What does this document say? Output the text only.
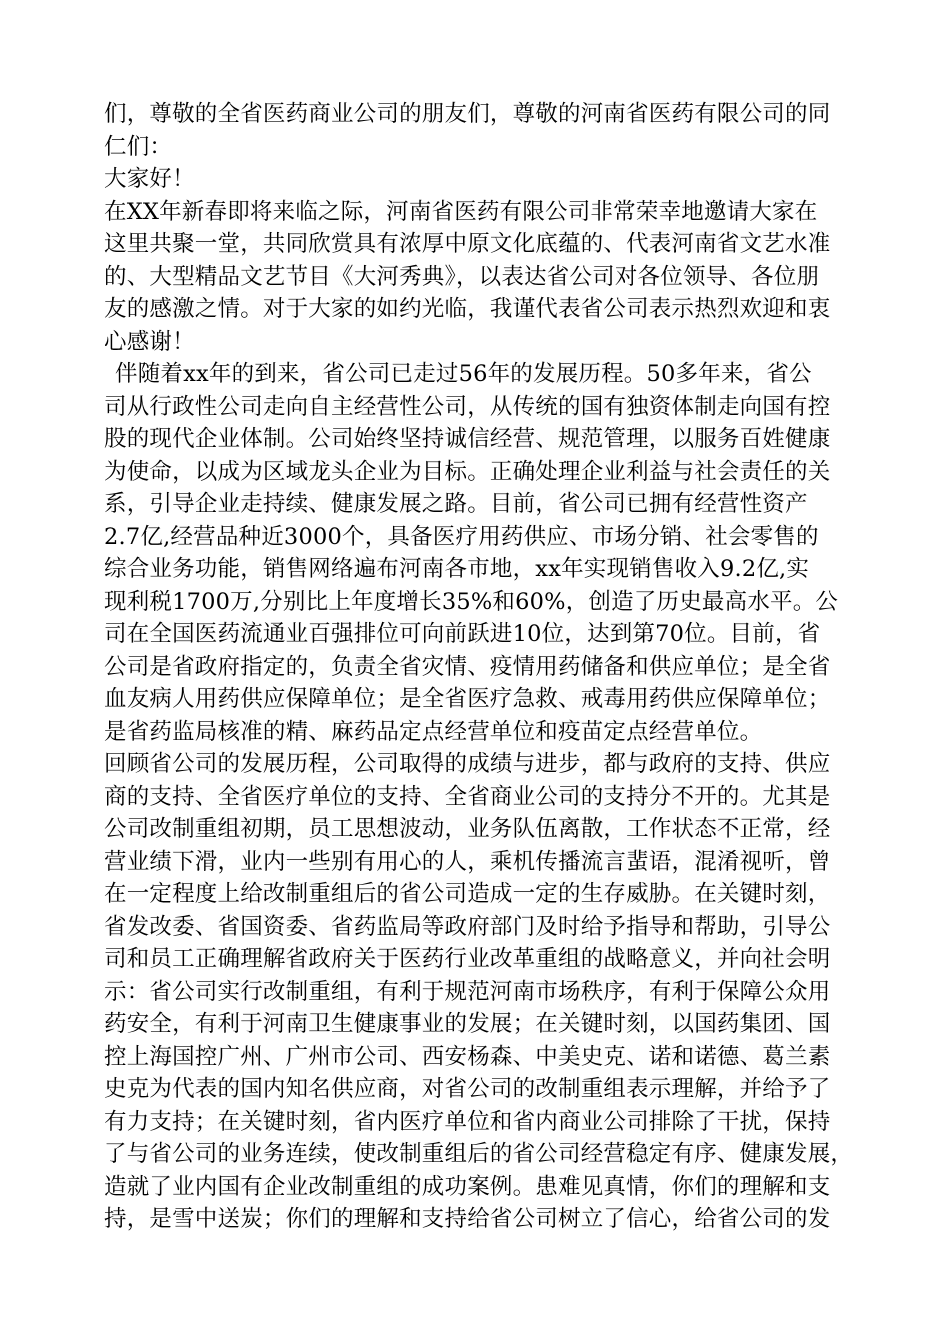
们，尊敬的全省医药商业公司的朋友们，尊敬的河南省医药有限公司的同
仁们：
大家好！
在XX年新春即将来临之际，河南省医药有限公司非常荣幸地邀请大家在
这里共聚一堂，共同欣赏具有浓厚中原文化底蕴的、代表河南省文艺水准
的、大型精品文艺节目《大河秀典》，以表达省公司对各位领导、各位朋
友的感激之情。对于大家的如约光临，我谨代表省公司表示热烈欢迎和衷
心感谢！
伴随着xx年的到来，省公司已走过56年的发展历程。50多年来，省公
司从行政性公司走向自主经营性公司，从传统的国有独资体制走向国有控
股的现代企业体制。公司始终坚持诚信经营、规范管理，以服务百姓健康
为使命，以成为区域龙头企业为目标。正确处理企业利益与社会责任的关
系，引导企业走持续、健康发展之路。目前，省公司已拥有经营性资产
2.7亿,经营品种近3000个，具备医疗用药供应、市场分销、社会零售的
综合业务功能，销售网络遍布河南各市地，xx年实现销售收入9.2亿,实
现利税1700万,分别比上年度增长35%和60%，创造了历史最高水平。公
司在全国医药流通业百强排位可向前跃进10位，达到第70位。目前，省
公司是省政府指定的，负责全省灾情、疫情用药储备和供应单位；是全省
血友病人用药供应保障单位；是全省医疗急救、戒毒用药供应保障单位；
是省药监局核准的精、麻药品定点经营单位和疫苗定点经营单位。
回顾省公司的发展历程，公司取得的成绩与进步，都与政府的支持、供应
商的支持、全省医疗单位的支持、全省商业公司的支持分不开的。尤其是
公司改制重组初期，员工思想波动，业务队伍离散，工作状态不正常，经
营业绩下滑，业内一些别有用心的人，乘机传播流言蜚语，混淆视听，曾
在一定程度上给改制重组后的省公司造成一定的生存威胁。在关键时刻，
省发改委、省国资委、省药监局等政府部门及时给予指导和帮助，引导公
司和员工正确理解省政府关于医药行业改革重组的战略意义，并向社会明
示：省公司实行改制重组，有利于规范河南市场秩序，有利于保障公众用
药安全，有利于河南卫生健康事业的发展；在关键时刻，以国药集团、国
控上海国控广州、广州市公司、西安杨森、中美史克、诺和诺德、葛兰素
史克为代表的国内知名供应商，对省公司的改制重组表示理解，并给予了
有力支持；在关键时刻，省内医疗单位和省内商业公司排除了干扰，保持
了与省公司的业务连续，使改制重组后的省公司经营稳定有序、健康发展，
造就了业内国有企业改制重组的成功案例。患难见真情，你们的理解和支
持，是雪中送炭；你们的理解和支持给省公司树立了信心，给省公司的发
